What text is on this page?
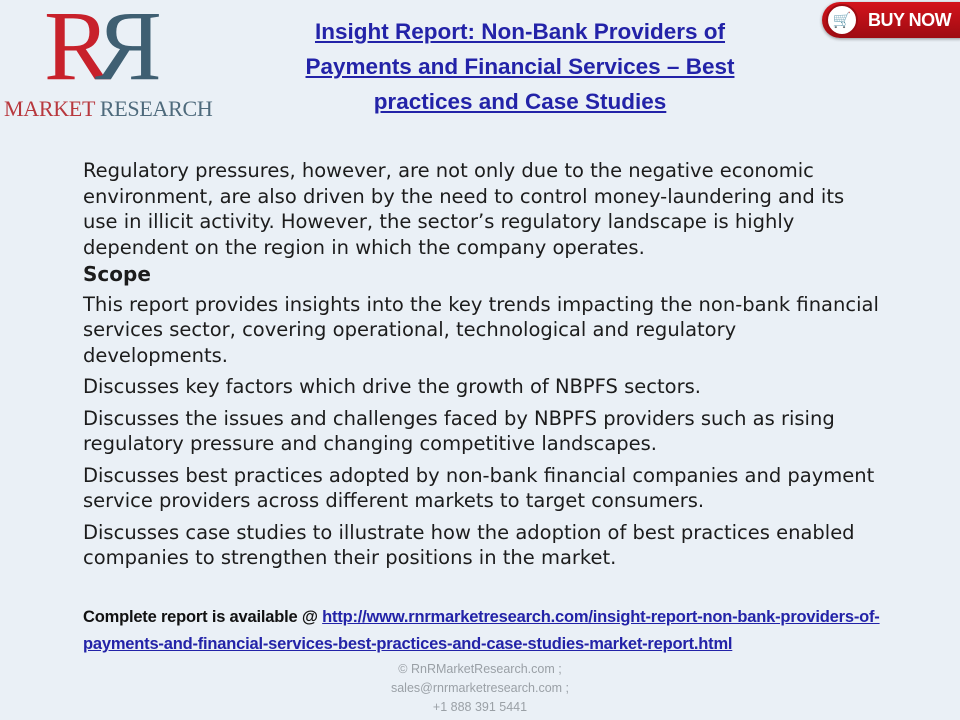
RR
MARKET RESEARCH
🛒 BUY NOW
Insight Report: Non-Bank Providers of Payments and Financial Services – Best practices and Case Studies

Regulatory pressures, however, are not only due to the negative economic environment, are also driven by the need to control money-laundering and its use in illicit activity. However, the sector’s regulatory landscape is highly dependent on the region in which the company operates.

Scope

This report provides insights into the key trends impacting the non-bank financial services sector, covering operational, technological and regulatory developments.

Discusses key factors which drive the growth of NBPFS sectors.

Discusses the issues and challenges faced by NBPFS providers such as rising regulatory pressure and changing competitive landscapes.

Discusses best practices adopted by non-bank financial companies and payment service providers across different markets to target consumers.

Discusses case studies to illustrate how the adoption of best practices enabled companies to strengthen their positions in the market.

Complete report is available @ http://www.rnrmarketresearch.com/insight-report-non-bank-providers-of-payments-and-financial-services-best-practices-and-case-studies-market-report.html
© RnRMarketResearch.com ;
sales@rnrmarketresearch.com ;
+1 888 391 5441
